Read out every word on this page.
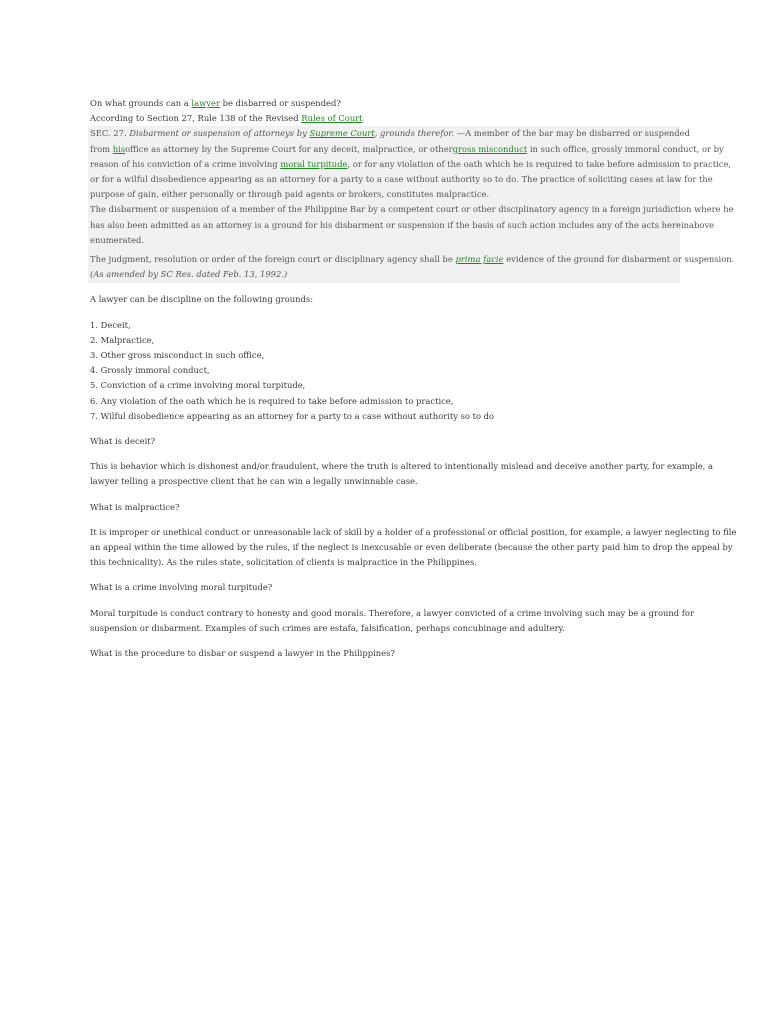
On what grounds can a lawyer be disbarred or suspended?

According to Section 27, Rule 138 of the Revised Rules of Court

SEC. 27. Disbarment or suspension of attorneys by Supreme Court, grounds therefor. —A member of the bar may be disbarred or suspended

from hisoffice as attorney by the Supreme Court for any deceit, malpractice, or othergross misconduct in such office, grossly immoral conduct, or by

reason of his conviction of a crime involving moral turpitude, or for any violation of the oath which he is required to take before admission to practice,

or for a wilful disobedience appearing as an attorney for a party to a case without authority so to do. The practice of soliciting cases at law for the

purpose of gain, either personally or through paid agents or brokers, constitutes malpractice.

The disbarment or suspension of a member of the Philippine Bar by a competent court or other disciplinatory agency in a foreign jurisdiction where he

has also been admitted as an attorney is a ground for his disbarment or suspension if the basis of such action includes any of the acts hereinabove

enumerated.

The judgment, resolution or order of the foreign court or disciplinary agency shall be prima facie evidence of the ground for disbarment or suspension.

(As amended by SC Res. dated Feb. 13, 1992.)

A lawyer can be discipline on the following grounds:

1. Deceit,
2. Malpractice,
3. Other gross misconduct in such office,
4. Grossly immoral conduct,
5. Conviction of a crime involving moral turpitude,
6. Any violation of the oath which he is required to take before admission to practice,
7. Wilful disobedience appearing as an attorney for a party to a case without authority so to do

What is deceit?

This is behavior which is dishonest and/or fraudulent, where the truth is altered to intentionally mislead and deceive another party, for example, a

lawyer telling a prospective client that he can win a legally unwinnable case.

What is malpractice?

It is improper or unethical conduct or unreasonable lack of skill by a holder of a professional or official position, for example, a lawyer neglecting to file

an appeal within the time allowed by the rules, if the neglect is inexcusable or even deliberate (because the other party paid him to drop the appeal by

this technicality). As the rules state, solicitation of clients is malpractice in the Philippines.

What is a crime involving moral turpitude?

Moral turpitude is conduct contrary to honesty and good morals. Therefore, a lawyer convicted of a crime involving such may be a ground for

suspension or disbarment. Examples of such crimes are estafa, falsification, perhaps concubinage and adultery.

What is the procedure to disbar or suspend a lawyer in the Philippines?
